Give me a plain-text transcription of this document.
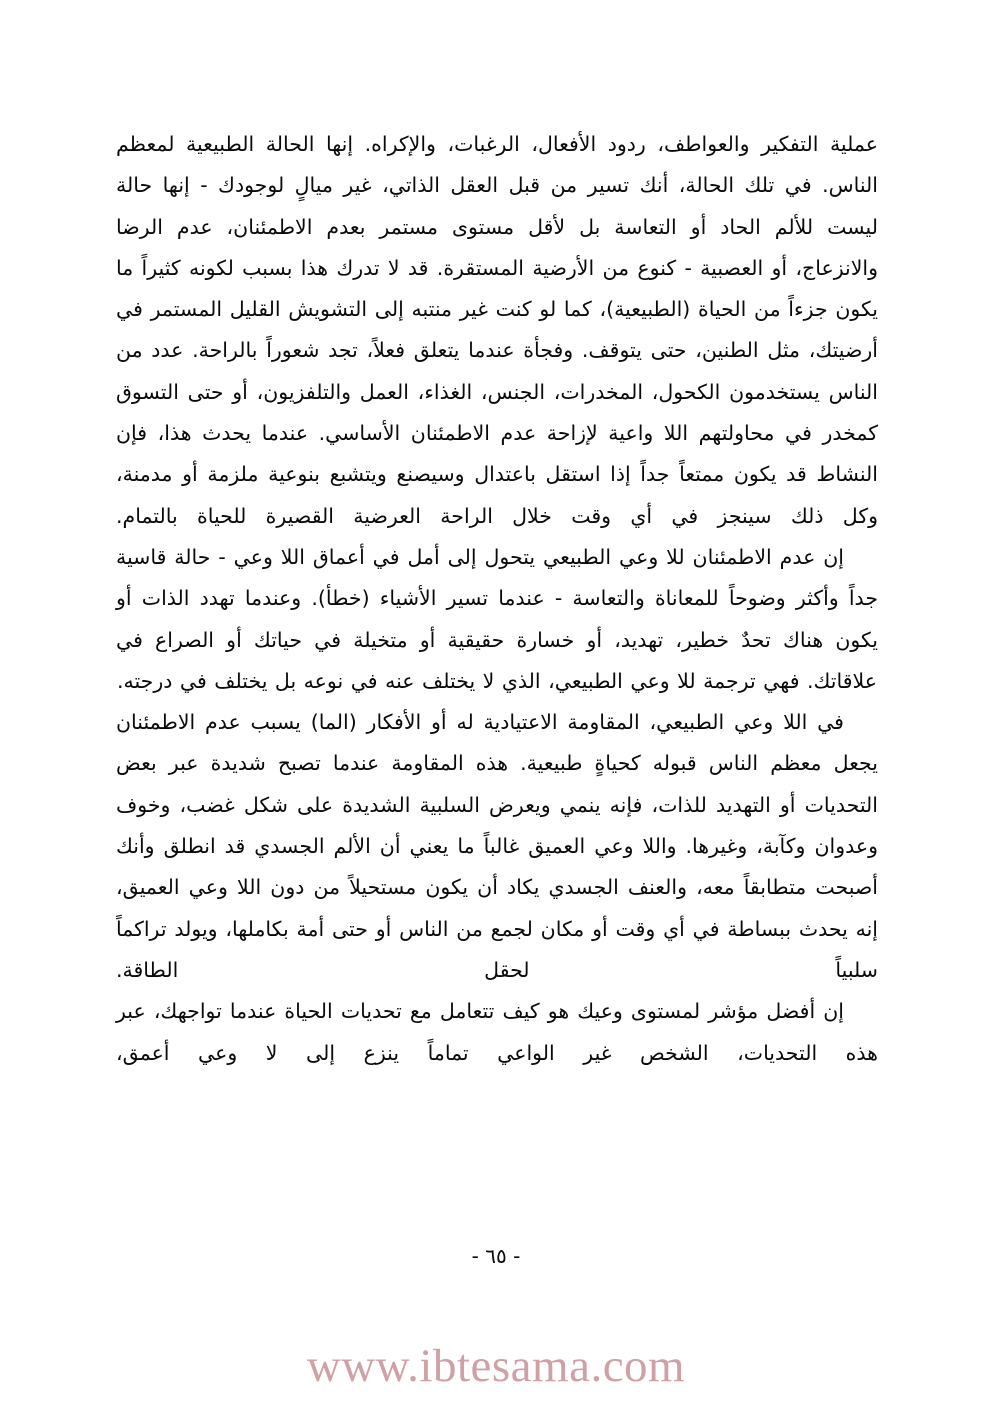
عملية التفكير والعواطف، ردود الأفعال، الرغبات، والإكراه. إنها الحالة الطبيعية لمعظم الناس. في تلك الحالة، أنك تسير من قبل العقل الذاتي، غير ميالٍ لوجودك - إنها حالة ليست للألم الحاد أو التعاسة بل لأقل مستوى مستمر بعدم الاطمئنان، عدم الرضا والانزعاج، أو العصبية - كنوع من الأرضية المستقرة. قد لا تدرك هذا بسبب لكونه كثيراً ما يكون جزءاً من الحياة (الطبيعية)، كما لو كنت غير منتبه إلى التشويش القليل المستمر في أرضيتك، مثل الطنين، حتى يتوقف. وفجأة عندما يتعلق فعلاً، تجد شعوراً بالراحة. عدد من الناس يستخدمون الكحول، المخدرات، الجنس، الغذاء، العمل والتلفزيون، أو حتى التسوق كمخدر في محاولتهم اللا واعية لإزاحة عدم الاطمئنان الأساسي. عندما يحدث هذا، فإن النشاط قد يكون ممتعاً جداً إذا استقل باعتدال وسيصنع ويتشبع بنوعية ملزمة أو مدمنة، وكل ذلك سينجز في أي وقت خلال الراحة العرضية القصيرة للحياة بالتمام.

إن عدم الاطمئنان للا وعي الطبيعي يتحول إلى أمل في أعماق اللا وعي - حالة قاسية جداً وأكثر وضوحاً للمعاناة والتعاسة - عندما تسير الأشياء (خطأ). وعندما تهدد الذات أو يكون هناك تحدٌ خطير، تهديد، أو خسارة حقيقية أو متخيلة في حياتك أو الصراع في علاقاتك. فهي ترجمة للا وعي الطبيعي، الذي لا يختلف عنه في نوعه بل يختلف في درجته.

في اللا وعي الطبيعي، المقاومة الاعتيادية له أو الأفكار (الما) يسبب عدم الاطمئنان يجعل معظم الناس قبوله كحياةٍ طبيعية. هذه المقاومة عندما تصبح شديدة عبر بعض التحديات أو التهديد للذات، فإنه ينمي ويعرض السلبية الشديدة على شكل غضب، وخوف وعدوان وكآبة، وغيرها. واللا وعي العميق غالباً ما يعني أن الألم الجسدي قد انطلق وأنك أصبحت متطابقاً معه، والعنف الجسدي يكاد أن يكون مستحيلاً من دون اللا وعي العميق، إنه يحدث ببساطة في أي وقت أو مكان لجمع من الناس أو حتى أمة بكاملها، ويولد تراكماً سلبياً لحقل الطاقة.

إن أفضل مؤشر لمستوى وعيك هو كيف تتعامل مع تحديات الحياة عندما تواجهك، عبر هذه التحديات، الشخص غير الواعي تماماً ينزع إلى لا وعي أعمق،

- ٦٥ -
www.ibtesama.com
